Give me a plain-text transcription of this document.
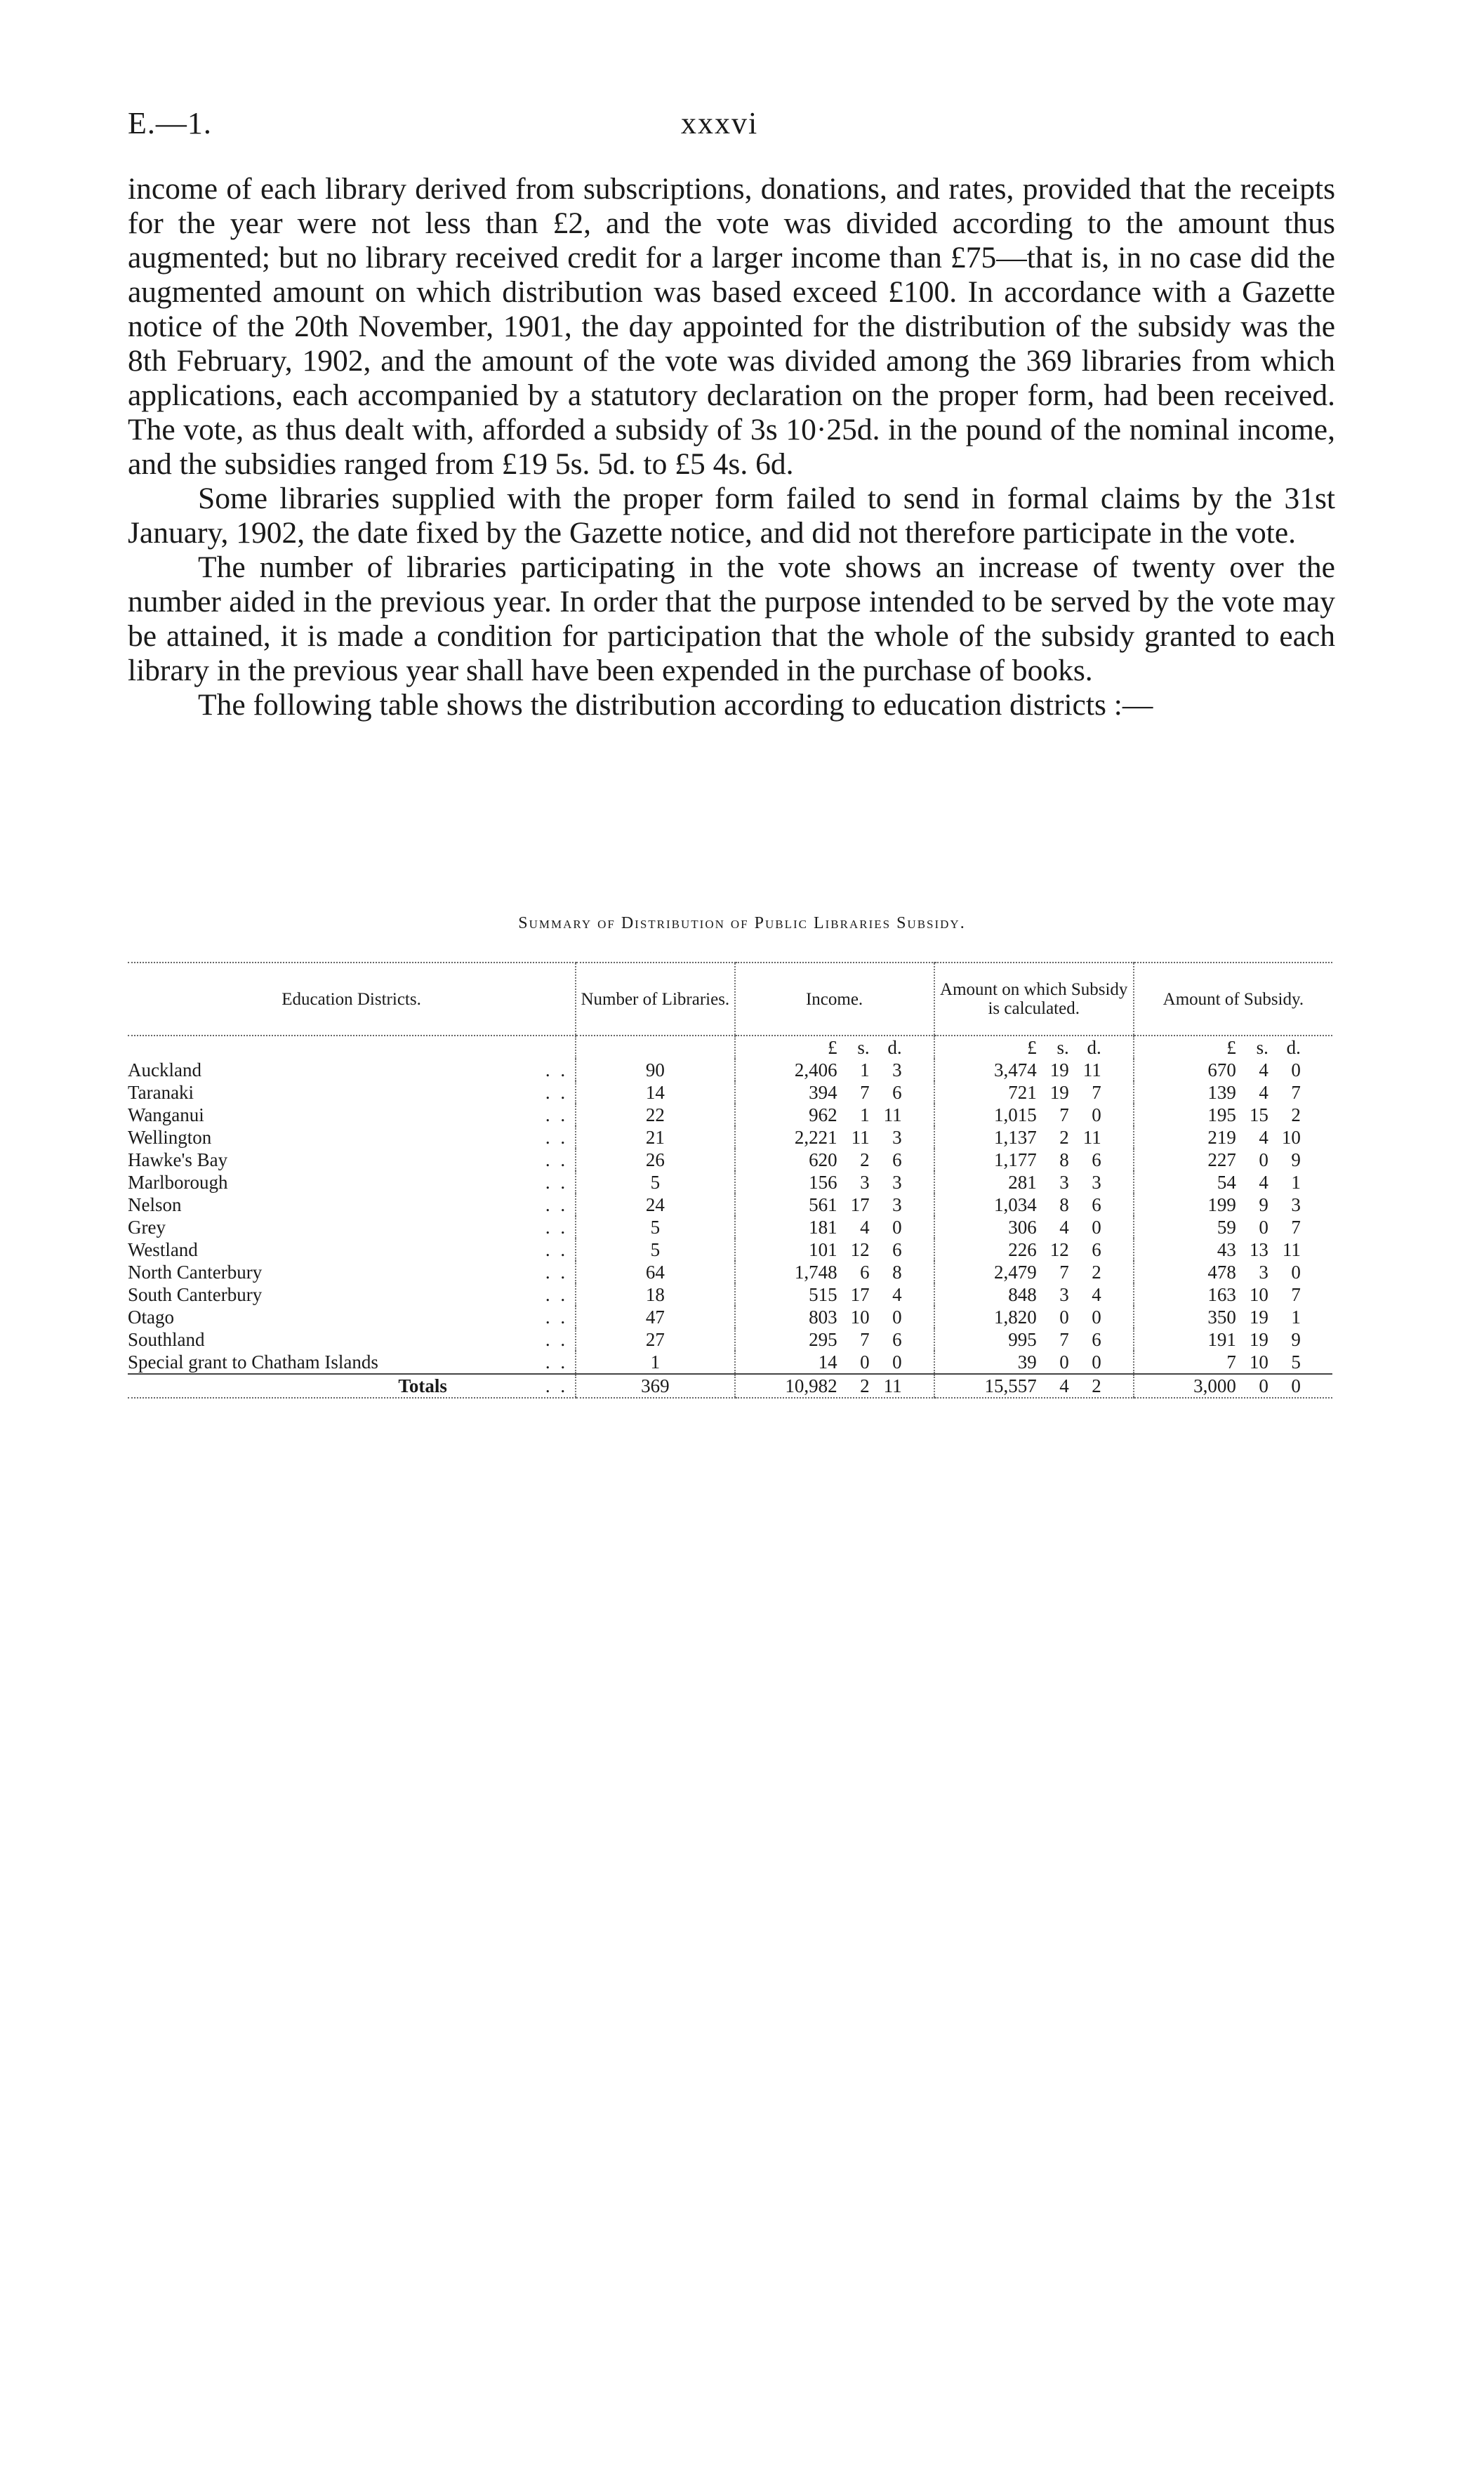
E.—1.	xxxvi

income of each library derived from subscriptions, donations, and rates, provided that the receipts for the year were not less than £2, and the vote was divided according to the amount thus augmented; but no library received credit for a larger income than £75—that is, in no case did the augmented amount on which distribution was based exceed £100. In accordance with a Gazette notice of the 20th November, 1901, the day appointed for the distribution of the subsidy was the 8th February, 1902, and the amount of the vote was divided among the 369 libraries from which applications, each accompanied by a statutory declaration on the proper form, had been received. The vote, as thus dealt with, afforded a subsidy of 3s 10·25d. in the pound of the nominal income, and the subsidies ranged from £19 5s. 5d. to £5 4s. 6d.

Some libraries supplied with the proper form failed to send in formal claims by the 31st January, 1902, the date fixed by the Gazette notice, and did not therefore participate in the vote.

The number of libraries participating in the vote shows an increase of twenty over the number aided in the previous year. In order that the purpose intended to be served by the vote may be attained, it is made a condition for participation that the whole of the subsidy granted to each library in the previous year shall have been expended in the purchase of books.

The following table shows the distribution according to education districts :—

Summary of Distribution of Public Libraries Subsidy.
Education Districts.	Number of Libraries.	Income.	Amount on which Subsidy is calculated.	Amount of Subsidy.

		£ s. d.	£ s. d.	£ s. d.

Auckland . .	90	2,406 1 3	3,474 19 11	670 4 0

Taranaki . .	14	394 7 6	721 19 7	139 4 7

Wanganui . .	22	962 1 11	1,015 7 0	195 15 2

Wellington . .	21	2,221 11 3	1,137 2 11	219 4 10

Hawke's Bay . .	26	620 2 6	1,177 8 6	227 0 9

Marlborough . .	5	156 3 3	281 3 3	54 4 1

Nelson . .	24	561 17 3	1,034 8 6	199 9 3

Grey . .	5	181 4 0	306 4 0	59 0 7

Westland . .	5	101 12 6	226 12 6	43 13 11

North Canterbury . .	64	1,748 6 8	2,479 7 2	478 3 0

South Canterbury . .	18	515 17 4	848 3 4	163 10 7

Otago . .	47	803 10 0	1,820 0 0	350 19 1

Southland . .	27	295 7 6	995 7 6	191 19 9

Special grant to Chatham Islands . .	1	14 0 0	39 0 0	7 10 5

Totals . .	369	10,982 2 11	15,557 4 2	3,000 0 0
